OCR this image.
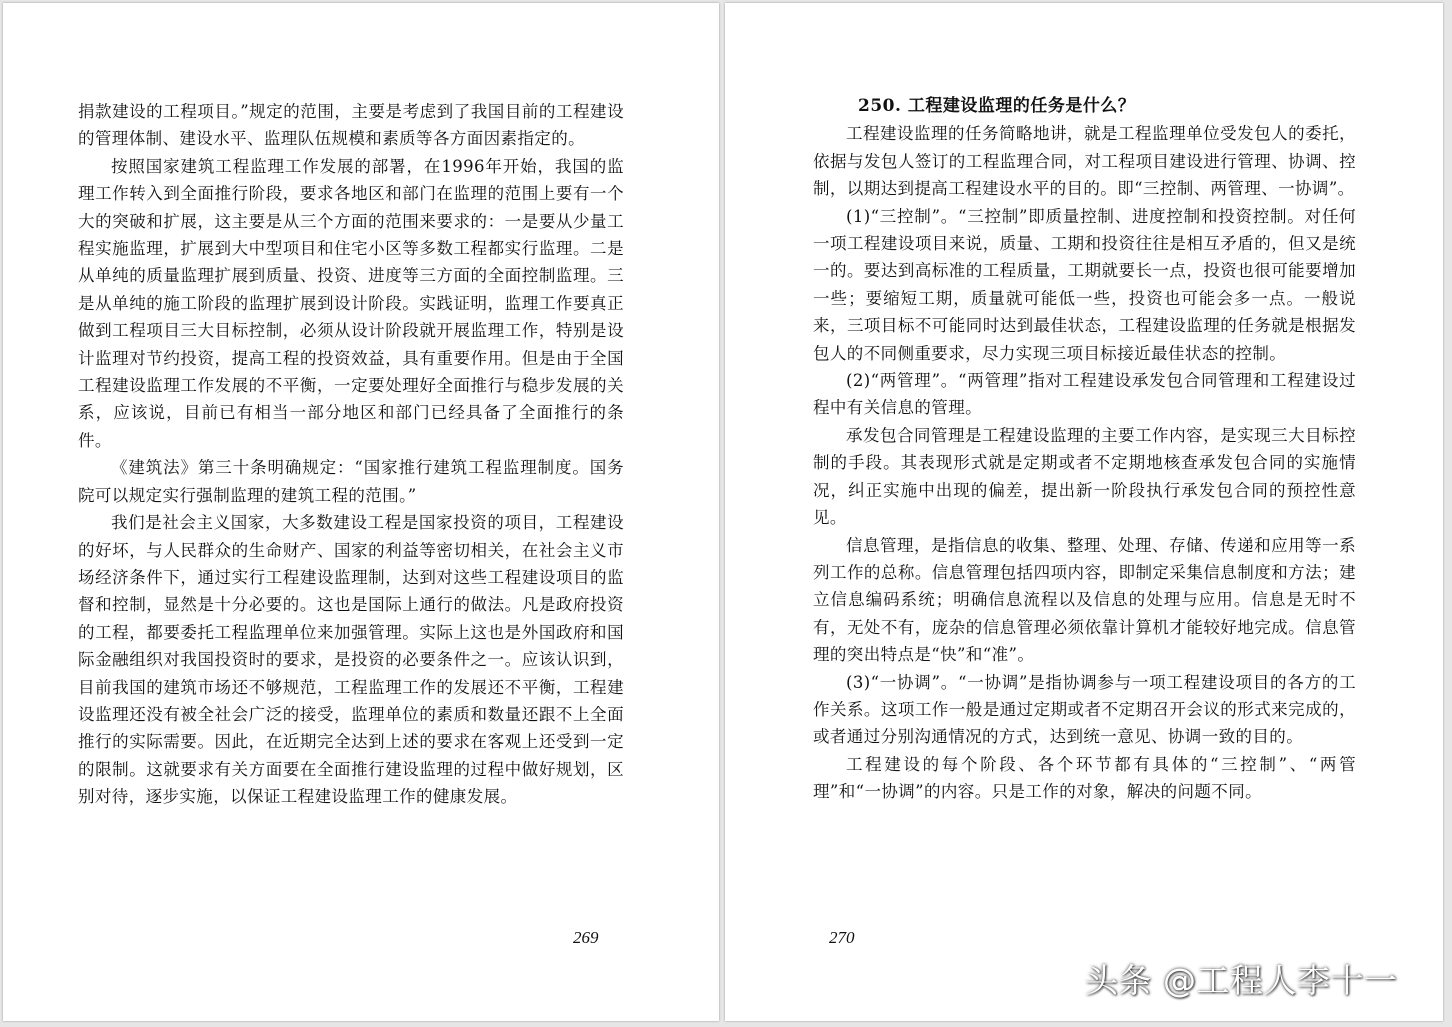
捐款建设的工程项目。”规定的范围，主要是考虑到了我国目前的工程建设的管理体制、建设水平、监理队伍规模和素质等各方面因素指定的。

按照国家建筑工程监理工作发展的部署，在1996年开始，我国的监理工作转入到全面推行阶段，要求各地区和部门在监理的范围上要有一个大的突破和扩展，这主要是从三个方面的范围来要求的：一是要从少量工程实施监理，扩展到大中型项目和住宅小区等多数工程都实行监理。二是从单纯的质量监理扩展到质量、投资、进度等三方面的全面控制监理。三是从单纯的施工阶段的监理扩展到设计阶段。实践证明，监理工作要真正做到工程项目三大目标控制，必须从设计阶段就开展监理工作，特别是设计监理对节约投资，提高工程的投资效益，具有重要作用。但是由于全国工程建设监理工作发展的不平衡，一定要处理好全面推行与稳步发展的关系，应该说，目前已有相当一部分地区和部门已经具备了全面推行的条件。

《建筑法》第三十条明确规定：“国家推行建筑工程监理制度。国务院可以规定实行强制监理的建筑工程的范围。”

我们是社会主义国家，大多数建设工程是国家投资的项目，工程建设的好坏，与人民群众的生命财产、国家的利益等密切相关，在社会主义市场经济条件下，通过实行工程建设监理制，达到对这些工程建设项目的监督和控制，显然是十分必要的。这也是国际上通行的做法。凡是政府投资的工程，都要委托工程监理单位来加强管理。实际上这也是外国政府和国际金融组织对我国投资时的要求，是投资的必要条件之一。应该认识到，目前我国的建筑市场还不够规范，工程监理工作的发展还不平衡，工程建设监理还没有被全社会广泛的接受，监理单位的素质和数量还跟不上全面推行的实际需要。因此，在近期完全达到上述的要求在客观上还受到一定的限制。这就要求有关方面要在全面推行建设监理的过程中做好规划，区别对待，逐步实施，以保证工程建设监理工作的健康发展。

269

250. 工程建设监理的任务是什么？

工程建设监理的任务简略地讲，就是工程监理单位受发包人的委托，依据与发包人签订的工程监理合同，对工程项目建设进行管理、协调、控制，以期达到提高工程建设水平的目的。即“三控制、两管理、一协调”。

(1)“三控制”。“三控制”即质量控制、进度控制和投资控制。对任何一项工程建设项目来说，质量、工期和投资往往是相互矛盾的，但又是统一的。要达到高标准的工程质量，工期就要长一点，投资也很可能要增加一些；要缩短工期，质量就可能低一些，投资也可能会多一点。一般说来，三项目标不可能同时达到最佳状态，工程建设监理的任务就是根据发包人的不同侧重要求，尽力实现三项目标接近最佳状态的控制。

(2)“两管理”。“两管理”指对工程建设承发包合同管理和工程建设过程中有关信息的管理。

承发包合同管理是工程建设监理的主要工作内容，是实现三大目标控制的手段。其表现形式就是定期或者不定期地核查承发包合同的实施情况，纠正实施中出现的偏差，提出新一阶段执行承发包合同的预控性意见。

信息管理，是指信息的收集、整理、处理、存储、传递和应用等一系列工作的总称。信息管理包括四项内容，即制定采集信息制度和方法；建立信息编码系统；明确信息流程以及信息的处理与应用。信息是无时不有，无处不有，庞杂的信息管理必须依靠计算机才能较好地完成。信息管理的突出特点是“快”和“准”。

(3)“一协调”。“一协调”是指协调参与一项工程建设项目的各方的工作关系。这项工作一般是通过定期或者不定期召开会议的形式来完成的，或者通过分别沟通情况的方式，达到统一意见、协调一致的目的。

工程建设的每个阶段、各个环节都有具体的“三控制”、“两管理”和“一协调”的内容。只是工作的对象，解决的问题不同。

270
头条 @工程人李十一
